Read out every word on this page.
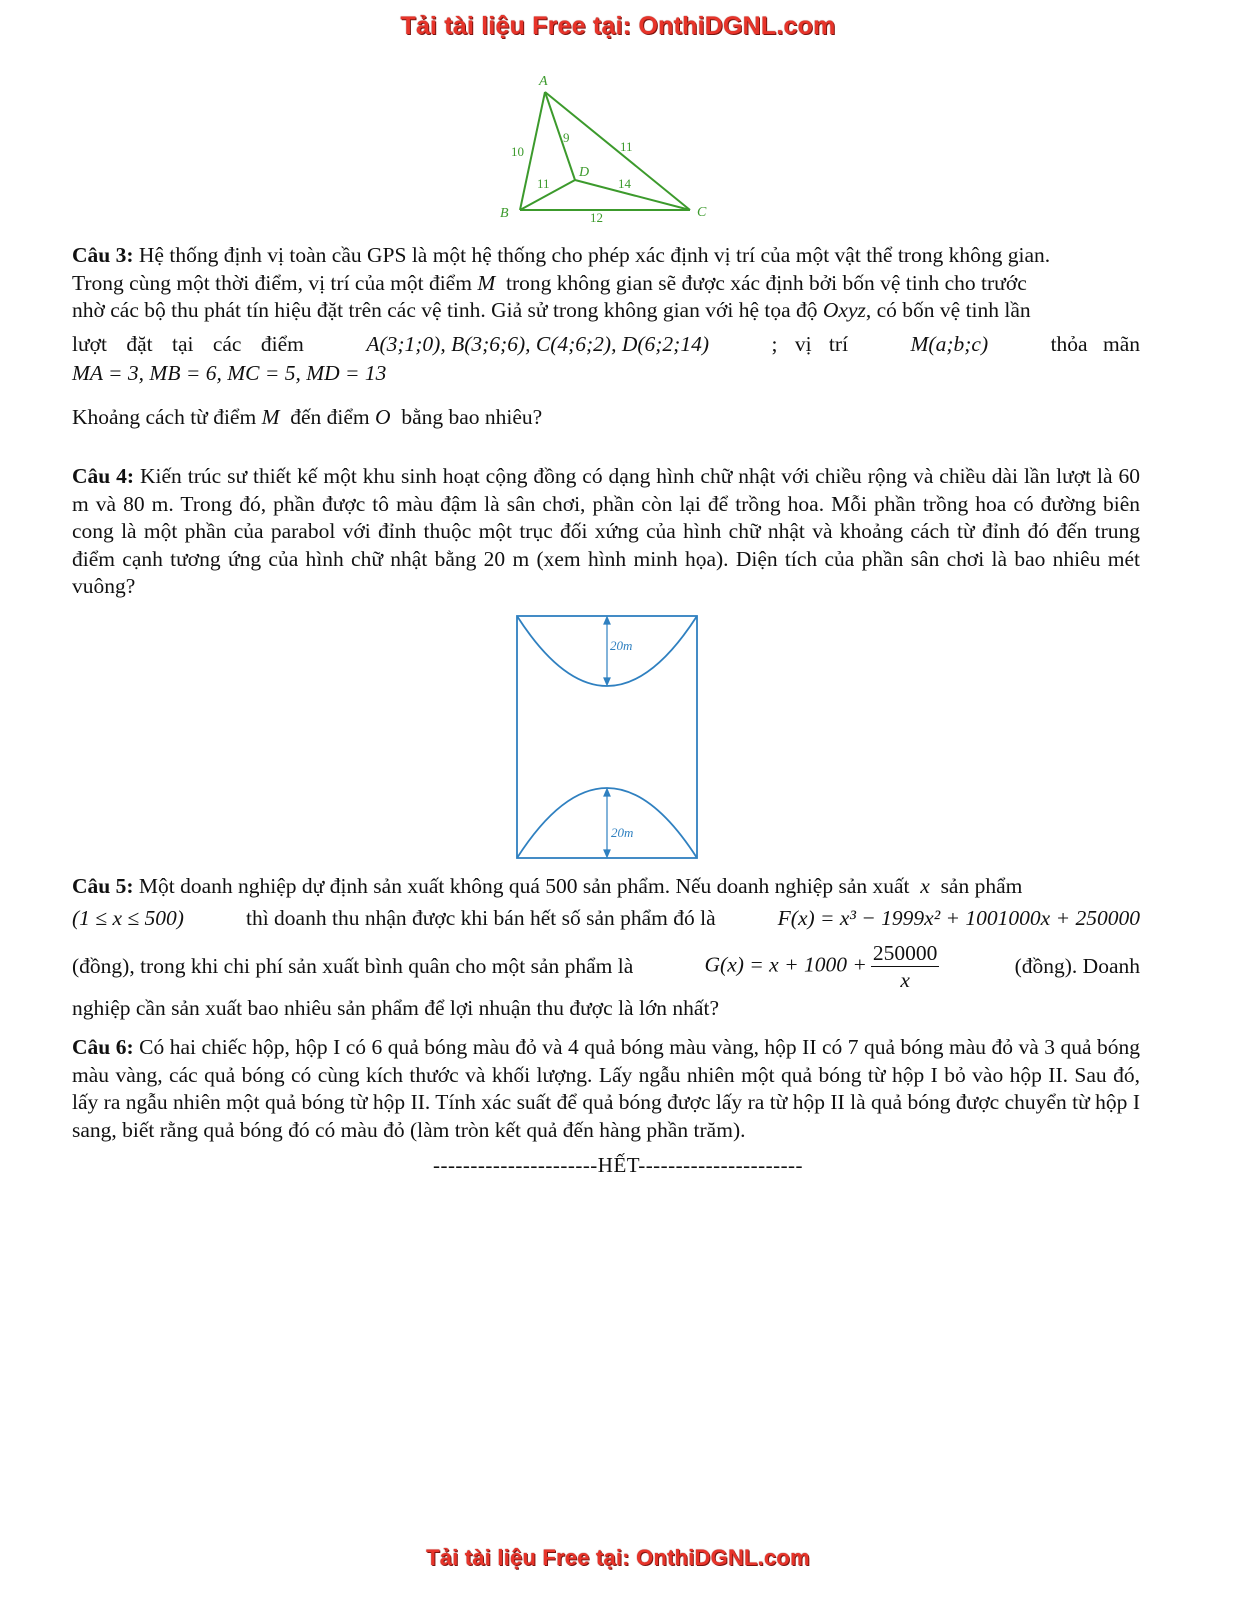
Tải tài liệu Free tại: OnthiDGNL.com
A
B	C
D
10
9
11
11	14
12
Câu 3: Hệ thống định vị toàn cầu GPS là một hệ thống cho phép xác định vị trí của một vật thể trong không gian.
Trong cùng một thời điểm, vị trí của một điểm M trong không gian sẽ được xác định bởi bốn vệ tinh cho trước
nhờ các bộ thu phát tín hiệu đặt trên các vệ tinh. Giả sử trong không gian với hệ tọa độ Oxyz, có bốn vệ tinh lần
lượt đặt tại các điểm	A(3;1;0), B(3;6;6), C(4;6;2), D(6;2;14)	; vị trí	M(a;b;c)	thỏa mãn
MA = 3, MB = 6, MC = 5, MD = 13
Khoảng cách từ điểm M đến điểm O bằng bao nhiêu?
Câu 4: Kiến trúc sư thiết kế một khu sinh hoạt cộng đồng có dạng hình chữ nhật với chiều rộng và chiều dài lần lượt là 60 m và 80 m. Trong đó, phần được tô màu đậm là sân chơi, phần còn lại để trồng hoa. Mỗi phần trồng hoa có đường biên cong là một phần của parabol với đỉnh thuộc một trục đối xứng của hình chữ nhật và khoảng cách từ đỉnh đó đến trung điểm cạnh tương ứng của hình chữ nhật bằng 20 m (xem hình minh họa). Diện tích của phần sân chơi là bao nhiêu mét vuông?
20m
20m
Câu 5: Một doanh nghiệp dự định sản xuất không quá 500 sản phẩm. Nếu doanh nghiệp sản xuất x sản phẩm
(1 ≤ x ≤ 500)	thì doanh thu nhận được khi bán hết số sản phẩm đó là	F(x) = x³ − 1999x² + 1001000x + 250000
(đồng), trong khi chi phí sản xuất bình quân cho một sản phẩm là	$G(x) = x + 1000 + \frac{250000}{x}$	(đồng). Doanh
nghiệp cần sản xuất bao nhiêu sản phẩm để lợi nhuận thu được là lớn nhất?
Câu 6: Có hai chiếc hộp, hộp I có 6 quả bóng màu đỏ và 4 quả bóng màu vàng, hộp II có 7 quả bóng màu đỏ và 3 quả bóng màu vàng, các quả bóng có cùng kích thước và khối lượng. Lấy ngẫu nhiên một quả bóng từ hộp I bỏ vào hộp II. Sau đó, lấy ra ngẫu nhiên một quả bóng từ hộp II. Tính xác suất để quả bóng được lấy ra từ hộp II là quả bóng được chuyển từ hộp I sang, biết rằng quả bóng đó có màu đỏ (làm tròn kết quả đến hàng phần trăm).
----------------------HẾT----------------------
Tải tài liệu Free tại: OnthiDGNL.com
